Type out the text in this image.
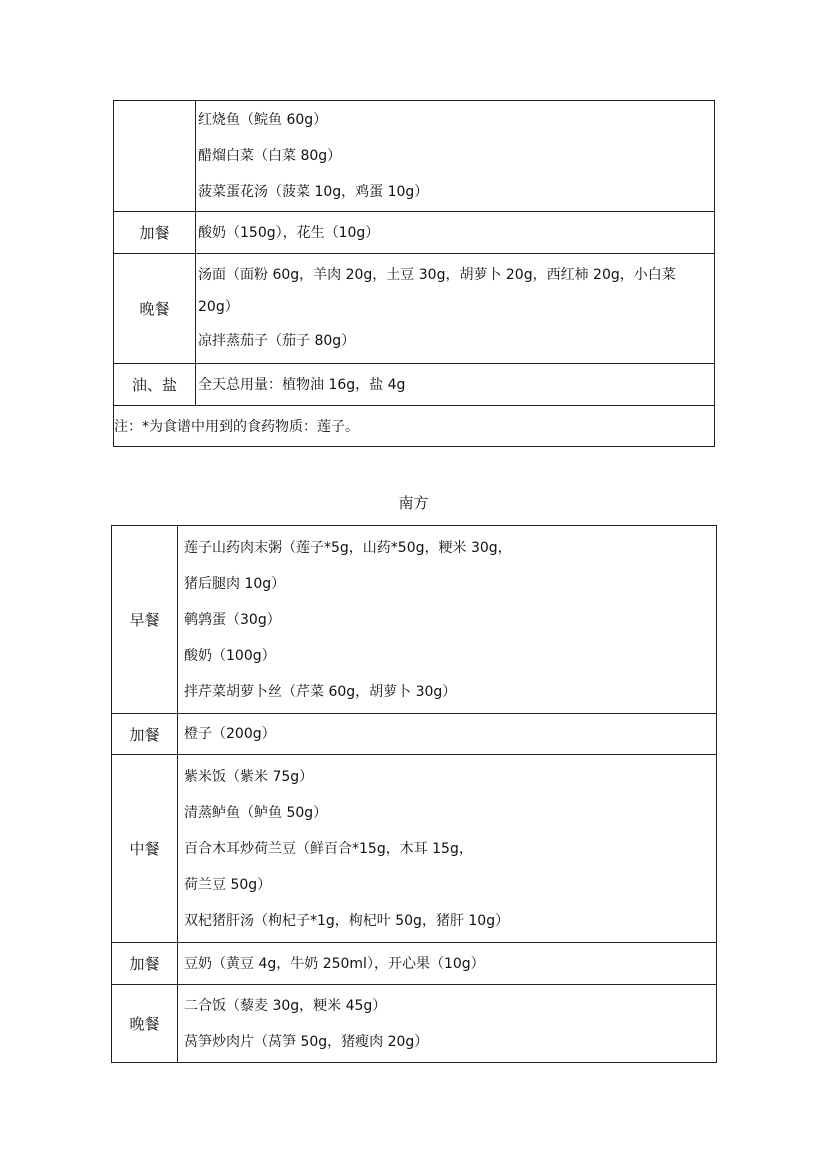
	红烧鱼（鲩鱼 60g）
醋熘白菜（白菜 80g）
菠菜蛋花汤（菠菜 10g，鸡蛋 10g）

加餐	酸奶（150g），花生（10g）

晚餐	汤面（面粉 60g，羊肉 20g，土豆 30g，胡萝卜 20g，西红柿 20g，小白菜 20g）
凉拌蒸茄子（茄子 80g）

油、盐	全天总用量：植物油 16g，盐 4g

注：*为食谱中用到的食药物质：莲子。	
南方
早餐	莲子山药肉末粥（莲子*5g，山药*50g，粳米 30g，
猪后腿肉 10g）
鹌鹑蛋（30g）
酸奶（100g）
拌芹菜胡萝卜丝（芹菜 60g，胡萝卜 30g）

加餐	橙子（200g）

中餐	紫米饭（紫米 75g）
清蒸鲈鱼（鲈鱼 50g）
百合木耳炒荷兰豆（鲜百合*15g，木耳 15g，
荷兰豆 50g）
双杞猪肝汤（枸杞子*1g，枸杞叶 50g，猪肝 10g）

加餐	豆奶（黄豆 4g，牛奶 250ml），开心果（10g）

晚餐	二合饭（藜麦 30g，粳米 45g）
莴笋炒肉片（莴笋 50g，猪瘦肉 20g）
